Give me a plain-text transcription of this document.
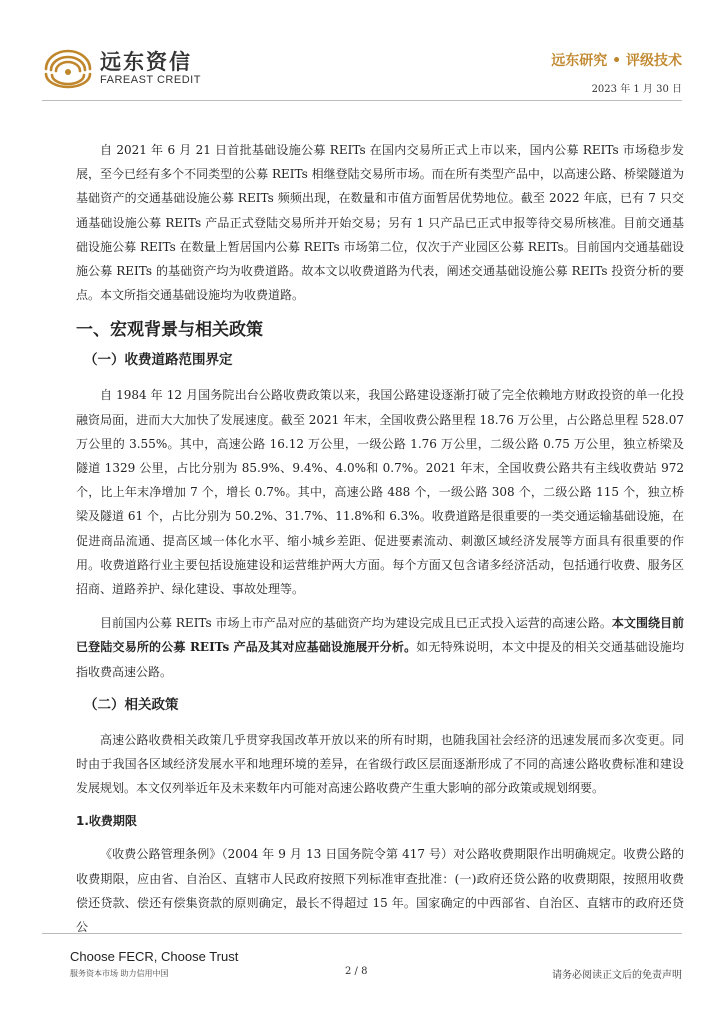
远东资信
FAREAST CREDIT
远东研究 • 评级技术
2023 年 1 月 30 日

自 2021 年 6 月 21 日首批基础设施公募 REITs 在国内交易所正式上市以来，国内公募 REITs 市场稳步发展，至今已经有多个不同类型的公募 REITs 相继登陆交易所市场。而在所有类型产品中，以高速公路、桥梁隧道为基础资产的交通基础设施公募 REITs 频频出现，在数量和市值方面暂居优势地位。截至 2022 年底，已有 7 只交通基础设施公募 REITs 产品正式登陆交易所并开始交易；另有 1 只产品已正式申报等待交易所核准。目前交通基础设施公募 REITs 在数量上暂居国内公募 REITs 市场第二位，仅次于产业园区公募 REITs。目前国内交通基础设施公募 REITs 的基础资产均为收费道路。故本文以收费道路为代表，阐述交通基础设施公募 REITs 投资分析的要点。本文所指交通基础设施均为收费道路。

一、宏观背景与相关政策
（一）收费道路范围界定

自 1984 年 12 月国务院出台公路收费政策以来，我国公路建设逐渐打破了完全依赖地方财政投资的单一化投融资局面，进而大大加快了发展速度。截至 2021 年末，全国收费公路里程 18.76 万公里，占公路总里程 528.07 万公里的 3.55%。其中，高速公路 16.12 万公里，一级公路 1.76 万公里，二级公路 0.75 万公里，独立桥梁及隧道 1329 公里，占比分别为 85.9%、9.4%、4.0%和 0.7%。2021 年末，全国收费公路共有主线收费站 972 个，比上年末净增加 7 个，增长 0.7%。其中，高速公路 488 个，一级公路 308 个，二级公路 115 个，独立桥梁及隧道 61 个，占比分别为 50.2%、31.7%、11.8%和 6.3%。收费道路是很重要的一类交通运输基础设施，在促进商品流通、提高区域一体化水平、缩小城乡差距、促进要素流动、刺激区域经济发展等方面具有很重要的作用。收费道路行业主要包括设施建设和运营维护两大方面。每个方面又包含诸多经济活动，包括通行收费、服务区招商、道路养护、绿化建设、事故处理等。

目前国内公募 REITs 市场上市产品对应的基础资产均为建设完成且已正式投入运营的高速公路。本文围绕目前已登陆交易所的公募 REITs 产品及其对应基础设施展开分析。如无特殊说明，本文中提及的相关交通基础设施均指收费高速公路。

（二）相关政策

高速公路收费相关政策几乎贯穿我国改革开放以来的所有时期，也随我国社会经济的迅速发展而多次变更。同时由于我国各区域经济发展水平和地理环境的差异，在省级行政区层面逐渐形成了不同的高速公路收费标准和建设发展规划。本文仅列举近年及未来数年内可能对高速公路收费产生重大影响的部分政策或规划纲要。

1.收费期限

《收费公路管理条例》（2004 年 9 月 13 日国务院令第 417 号）对公路收费期限作出明确规定。收费公路的收费期限，应由省、自治区、直辖市人民政府按照下列标准审查批准：(一)政府还贷公路的收费期限，按照用收费偿还贷款、偿还有偿集资款的原则确定，最长不得超过 15 年。国家确定的中西部省、自治区、直辖市的政府还贷公

Choose FECR, Choose Trust
服务资本市场 助力信用中国	2 / 8	请务必阅读正文后的免责声明
